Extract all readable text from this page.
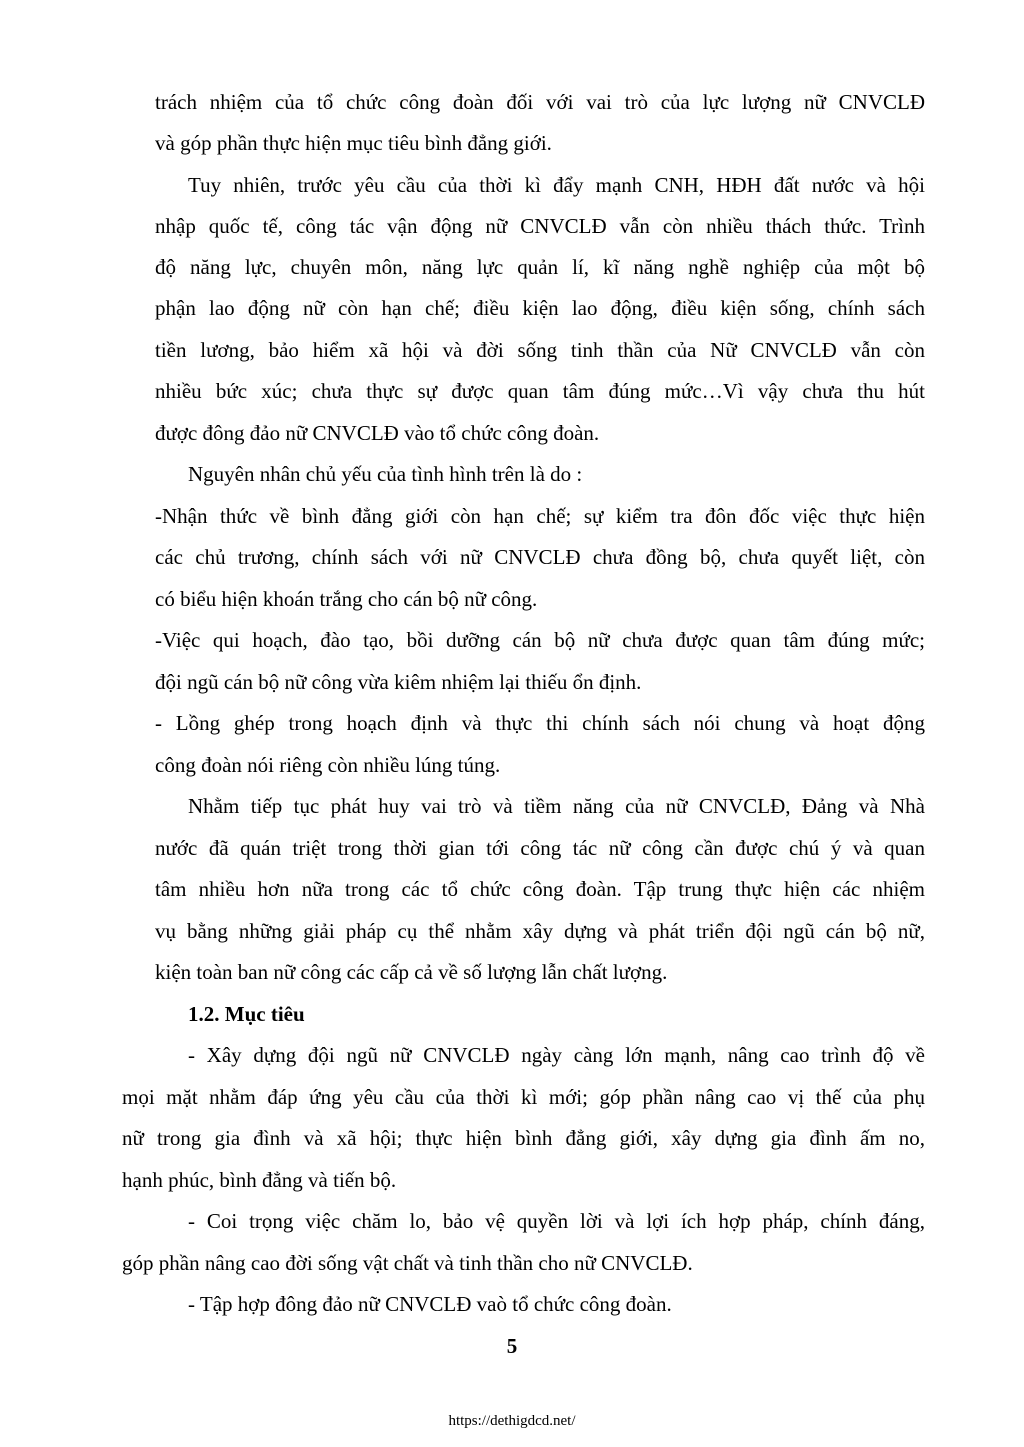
trách nhiệm của tổ chức công đoàn đối với vai trò của lực lượng nữ CNVCLĐ
và góp phần thực hiện mục tiêu bình đẳng giới.
Tuy nhiên, trước yêu cầu của thời kì đẩy mạnh CNH, HĐH đất nước và hội
nhập quốc tế, công tác vận động nữ CNVCLĐ vẫn còn nhiều thách thức. Trình
độ năng lực, chuyên môn, năng lực quản lí, kĩ năng nghề nghiệp của một bộ
phận lao động nữ còn hạn chế; điều kiện lao động, điều kiện sống, chính sách
tiền lương, bảo hiểm xã hội và đời sống tinh thần của Nữ CNVCLĐ vẫn còn
nhiều bức xúc; chưa thực sự được quan tâm đúng mức…Vì vậy chưa thu hút
được đông đảo nữ CNVCLĐ vào tổ chức công đoàn.
Nguyên nhân chủ yếu của tình hình trên là do :
-Nhận thức về bình đẳng giới còn hạn chế; sự kiểm tra đôn đốc việc thực hiện
các chủ trương, chính sách với nữ CNVCLĐ chưa đồng bộ, chưa quyết liệt, còn
có biểu hiện khoán trắng cho cán bộ nữ công.
-Việc qui hoạch, đào tạo, bồi dưỡng cán bộ nữ chưa được quan tâm đúng mức;
đội ngũ cán bộ nữ công vừa kiêm nhiệm lại thiếu ổn định.
- Lồng ghép trong hoạch định và thực thi chính sách nói chung và hoạt động
công đoàn nói riêng còn nhiều lúng túng.
Nhằm tiếp tục phát huy vai trò và tiềm năng của nữ CNVCLĐ, Đảng và Nhà
nước đã quán triệt trong thời gian tới công tác nữ công cần được chú ý và quan
tâm nhiều hơn nữa trong các tổ chức công đoàn. Tập trung thực hiện các nhiệm
vụ bằng những giải pháp cụ thể nhằm xây dựng và phát triển đội ngũ cán bộ nữ,
kiện toàn ban nữ công các cấp cả về số lượng lẫn chất lượng.
1.2. Mục tiêu
- Xây dựng đội ngũ nữ CNVCLĐ ngày càng lớn mạnh, nâng cao trình độ về
mọi mặt nhằm đáp ứng yêu cầu của thời kì mới; góp phần nâng cao vị thế của phụ
nữ trong gia đình và xã hội; thực hiện bình đẳng giới, xây dựng gia đình ấm no,
hạnh phúc, bình đẳng và tiến bộ.
- Coi trọng việc chăm lo, bảo vệ quyền lời và lợi ích hợp pháp, chính đáng,
góp phần nâng cao đời sống vật chất và tinh thần cho nữ CNVCLĐ.
- Tập hợp đông đảo nữ CNVCLĐ vaò tổ chức công đoàn.
5
https://dethigdcd.net/
